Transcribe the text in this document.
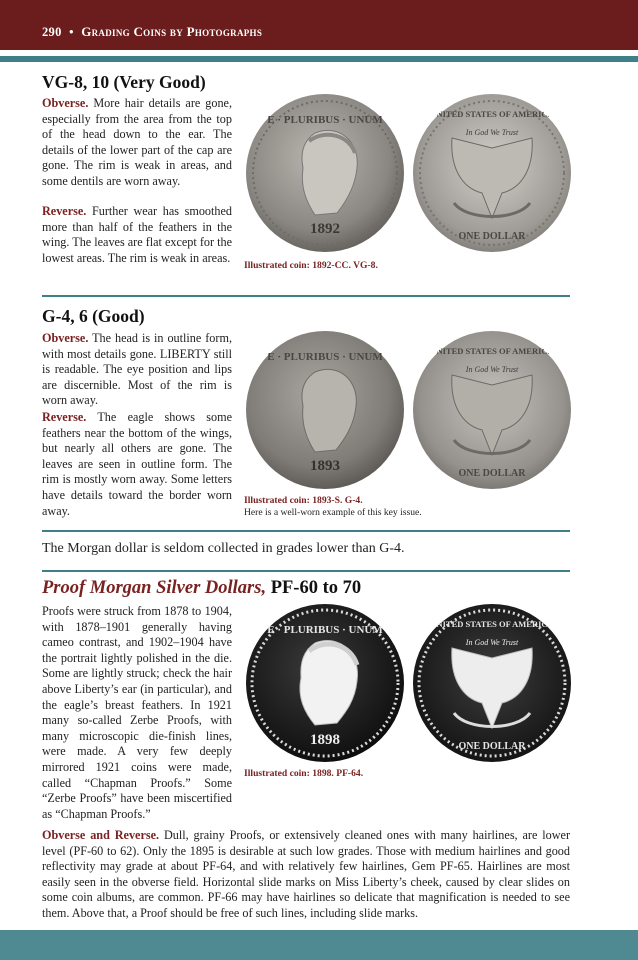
290 • Grading Coins by Photographs
VG-8, 10 (Very Good)
Obverse. More hair details are gone, especially from the area from the top of the head down to the ear. The details of the lower part of the cap are gone. The rim is weak in areas, and some dentils are worn away.
Reverse. Further wear has smoothed more than half of the feathers in the wing. The leaves are flat except for the lowest areas. The rim is weak in areas.
1892
E · PLURIBUS · UNUM
In God We Trust
UNITED STATES OF AMERICA
ONE DOLLAR
Illustrated coin: 1892-CC. VG-8.
G-4, 6 (Good)
Obverse. The head is in outline form, with most details gone. LIBERTY still is readable. The eye position and lips are discernible. Most of the rim is worn away.
Reverse. The eagle shows some feathers near the bottom of the wings, but nearly all others are gone. The leaves are seen in outline form. The rim is mostly worn away. Some letters have details toward the border worn away.
1893
E · PLURIBUS · UNUM
In God We Trust
UNITED STATES OF AMERICA
ONE DOLLAR
Illustrated coin: 1893-S. G-4.
Here is a well-worn example of this key issue.
The Morgan dollar is seldom collected in grades lower than G-4.
Proof Morgan Silver Dollars, PF-60 to 70
Proofs were struck from 1878 to 1904, with 1878–1901 generally having cameo contrast, and 1902–1904 have the portrait lightly polished in the die. Some are lightly struck; check the hair above Liberty’s ear (in particular), and the eagle’s breast feathers. In 1921 many so-called Zerbe Proofs, with many microscopic die-finish lines, were made. A very few deeply mirrored 1921 coins were made, called “Chapman Proofs.” Some “Zerbe Proofs” have been miscertified as “Chapman Proofs.”
1898
E · PLURIBUS · UNUM
In God We Trust
UNITED STATES OF AMERICA
ONE DOLLAR
Illustrated coin: 1898. PF-64.
Obverse and Reverse. Dull, grainy Proofs, or extensively cleaned ones with many hairlines, are lower level (PF-60 to 62). Only the 1895 is desirable at such low grades. Those with medium hairlines and good reflectivity may grade at about PF-64, and with relatively few hairlines, Gem PF-65. Hairlines are most easily seen in the obverse field. Horizontal slide marks on Miss Liberty’s cheek, caused by clear slides on some coin albums, are common. PF-66 may have hairlines so delicate that magnification is needed to see them. Above that, a Proof should be free of such lines, including slide marks.
